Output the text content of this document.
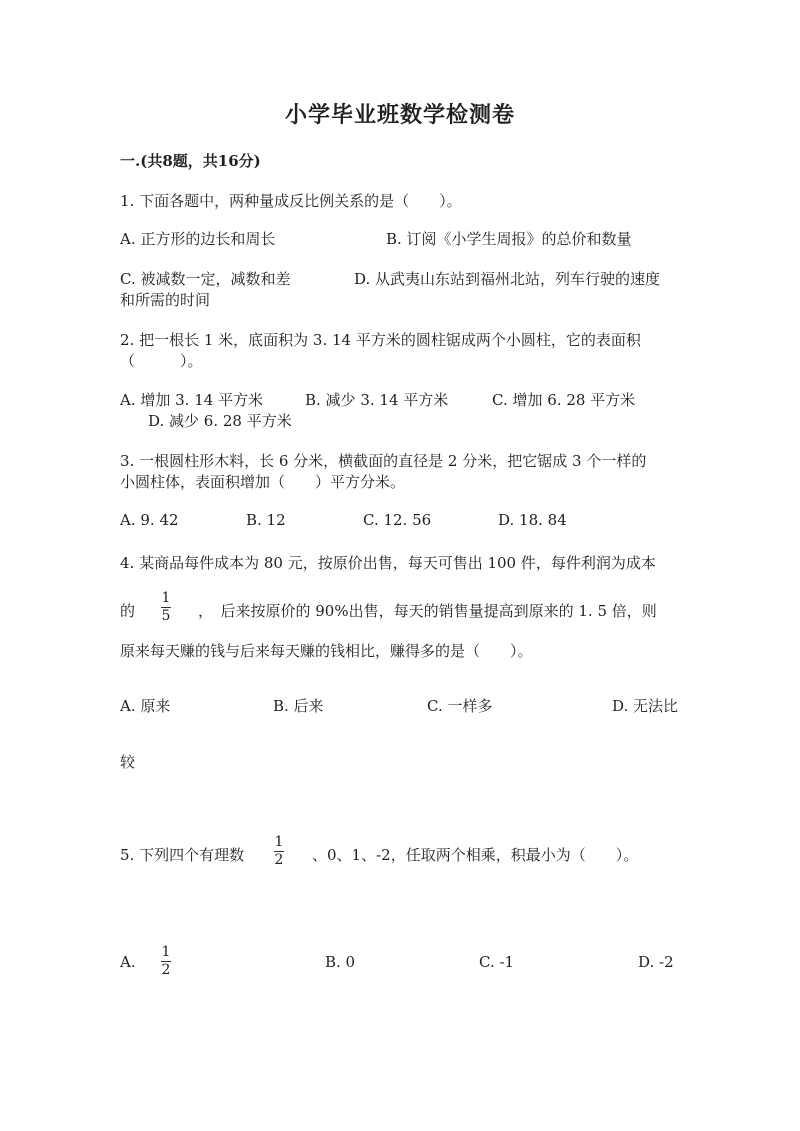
小学毕业班数学检测卷
一.(共8题，共16分)
1. 下面各题中，两种量成反比例关系的是（　　）。
A. 正方形的边长和周长	B. 订阅《小学生周报》的总价和数量
C. 被减数一定，减数和差	D. 从武夷山东站到福州北站，列车行驶的速度
和所需的时间
2. 把一根长 1 米，底面积为 3. 14 平方米的圆柱锯成两个小圆柱，它的表面积
（　　　）。
A. 增加 3. 14 平方米	B. 减少 3. 14 平方米	C. 增加 6. 28 平方米
D. 减少 6. 28 平方米
3. 一根圆柱形木料，长 6 分米，横截面的直径是 2 分米，把它锯成 3 个一样的
小圆柱体，表面积增加（　　）平方分米。
A. 9. 42	B. 12	C. 12. 56	D. 18. 84
4. 某商品每件成本为 80 元，按原价出售，每天可售出 100 件，每件利润为成本
的
1
5 ，　后来按原价的 90%出售，每天的销售量提高到原来的 1. 5 倍，则
原来每天赚的钱与后来每天赚的钱相比，赚得多的是（　　）。
A. 原来	B. 后来	C. 一样多	D. 无法比
较
5. 下列四个有理数
1
2 、0、1、-2，任取两个相乘，积最小为（　　）。
A.
1
2	B. 0	C. -1	D. -2
